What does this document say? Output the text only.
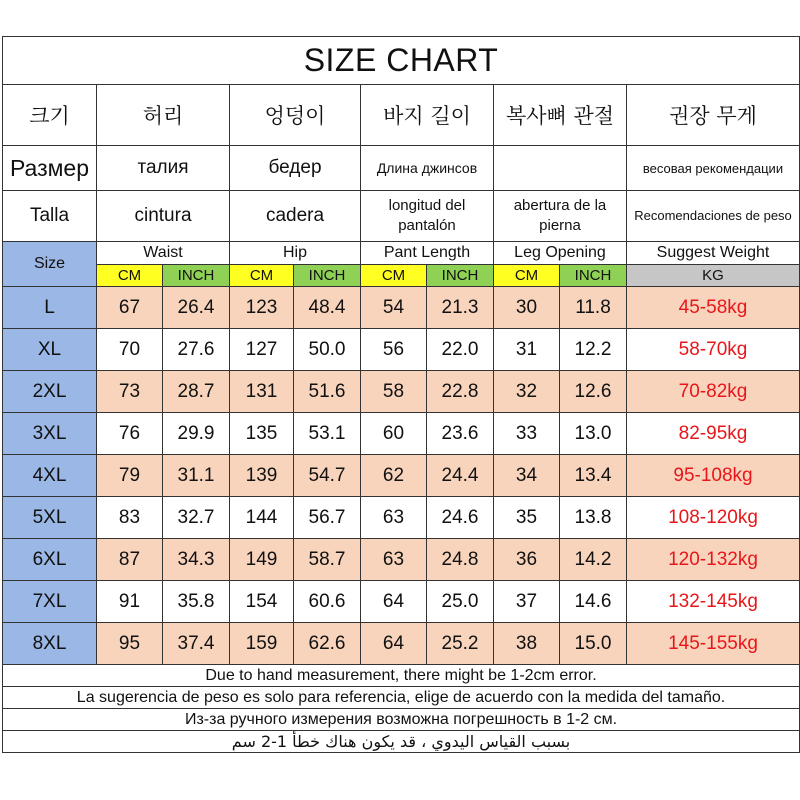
SIZE CHART									
크기	허리		엉덩이		바지 길이		복사뼈 관절		권장 무게
Размер	талия		бедер		Длина джинсов				весовая рекомендации
Talla	cintura		cadera		longitud del pantalón		abertura de la pierna		Recomendaciones de peso
Size	Waist		Hip		Pant Length		Leg Opening		Suggest Weight
	CM	INCH	CM	INCH	CM	INCH	CM	INCH	KG
L	67	26.4	123	48.4	54	21.3	30	11.8	45-58kg
XL	70	27.6	127	50.0	56	22.0	31	12.2	58-70kg
2XL	73	28.7	131	51.6	58	22.8	32	12.6	70-82kg
3XL	76	29.9	135	53.1	60	23.6	33	13.0	82-95kg
4XL	79	31.1	139	54.7	62	24.4	34	13.4	95-108kg
5XL	83	32.7	144	56.7	63	24.6	35	13.8	108-120kg
6XL	87	34.3	149	58.7	63	24.8	36	14.2	120-132kg
7XL	91	35.8	154	60.6	64	25.0	37	14.6	132-145kg
8XL	95	37.4	159	62.6	64	25.2	38	15.0	145-155kg
Due to hand measurement, there might be 1-2cm error.									
La sugerencia de peso es solo para referencia, elige de acuerdo con la medida del tamaño.									
Из-за ручного измерения возможна погрешность в 1-2 см.									
بسبب القياس اليدوي ، قد يكون هناك خطأ 1-2 سم									
